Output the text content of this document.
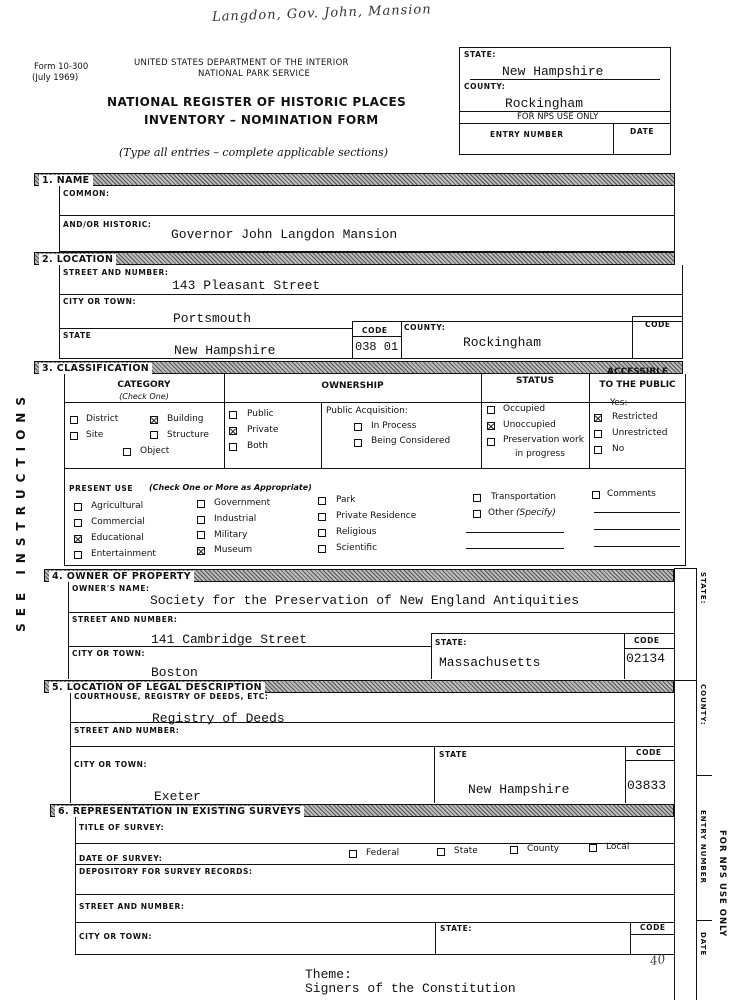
Langdon, Gov. John, Mansion
Form 10-300
(July 1969)
UNITED STATES DEPARTMENT OF THE INTERIOR
NATIONAL PARK SERVICE
NATIONAL REGISTER OF HISTORIC PLACES
INVENTORY – NOMINATION FORM
(Type all entries – complete applicable sections)
SEE INSTRUCTIONS
STATE:
New Hampshire
COUNTY:
Rockingham
FOR NPS USE ONLY
ENTRY NUMBER	DATE
1. NAME
COMMON:
AND/OR HISTORIC:
Governor John Langdon Mansion
2. LOCATION
STREET AND NUMBER:
143 Pleasant Street
CITY OR TOWN:
Portsmouth
STATE
New Hampshire
CODE
038 01
COUNTY:
Rockingham
CODE
3. CLASSIFICATION
CATEGORY
(Check One)
OWNERSHIP	STATUS
ACCESSIBLE
TO THE PUBLIC
District	Building
Site	Structure
Object
Public
Private
Both
Public Acquisition:
In Process
Being Considered
Occupied
Unoccupied
Preservation work
in progress
Yes:
Restricted
Unrestricted
No
PRESENT USE (Check One or More as Appropriate)
Agricultural
Commercial
Educational
Entertainment
Government
Industrial
Military
Museum
Park
Private Residence
Religious
Scientific
Transportation
Other (Specify)
Comments
STATE:
COUNTY:
ENTRY NUMBER FOR NPS USE ONLY
DATE
4. OWNER OF PROPERTY
OWNER'S NAME:
Society for the Preservation of New England Antiquities
STREET AND NUMBER:
141 Cambridge Street
CITY OR TOWN:
Boston
STATE:
Massachusetts
CODE
02134
5. LOCATION OF LEGAL DESCRIPTION
COURTHOUSE, REGISTRY OF DEEDS, ETC:
Registry of Deeds
STREET AND NUMBER:
CITY OR TOWN:
Exeter
STATE
New Hampshire
CODE
03833
6. REPRESENTATION IN EXISTING SURVEYS
TITLE OF SURVEY:
DATE OF SURVEY:
Federal	State	County	Local
DEPOSITORY FOR SURVEY RECORDS:
STREET AND NUMBER:
CITY OR TOWN:
STATE:	CODE
Theme:
Signers of the Constitution
40
